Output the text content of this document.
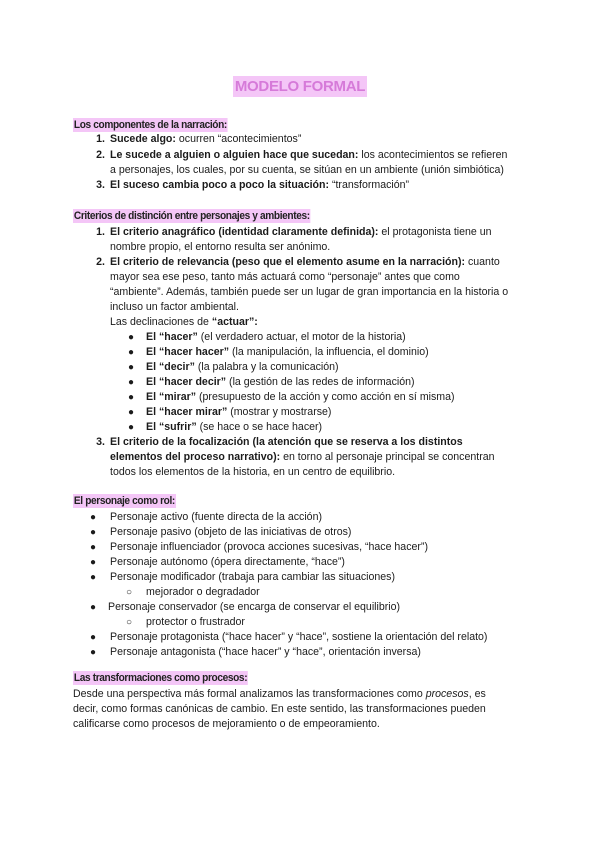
MODELO FORMAL
Los componentes de la narración:
1. Sucede algo: ocurren “acontecimientos”
2. Le sucede a alguien o alguien hace que sucedan: los acontecimientos se refieren
a personajes, los cuales, por su cuenta, se sitúan en un ambiente (unión simbiótica)
3. El suceso cambia poco a poco la situación: “transformación”
Criterios de distinción entre personajes y ambientes:
1. El criterio anagráfico (identidad claramente definida): el protagonista tiene un
nombre propio, el entorno resulta ser anónimo.
2. El criterio de relevancia (peso que el elemento asume en la narración): cuanto
mayor sea ese peso, tanto más actuará como “personaje” antes que como
“ambiente”. Además, también puede ser un lugar de gran importancia en la historia o
incluso un factor ambiental.
Las declinaciones de “actuar”:
● El “hacer” (el verdadero actuar, el motor de la historia)
● El “hacer hacer” (la manipulación, la influencia, el dominio)
● El “decir” (la palabra y la comunicación)
● El “hacer decir” (la gestión de las redes de información)
● El “mirar” (presupuesto de la acción y como acción en sí misma)
● El “hacer mirar” (mostrar y mostrarse)
● El “sufrir” (se hace o se hace hacer)
3. El criterio de la focalización (la atención que se reserva a los distintos
elementos del proceso narrativo): en torno al personaje principal se concentran
todos los elementos de la historia, en un centro de equilibrio.
El personaje como rol:
● Personaje activo (fuente directa de la acción)
● Personaje pasivo (objeto de las iniciativas de otros)
● Personaje influenciador (provoca acciones sucesivas, “hace hacer”)
● Personaje autónomo (ópera directamente, “hace”)
● Personaje modificador (trabaja para cambiar las situaciones)
○ mejorador o degradador
● Personaje conservador (se encarga de conservar el equilibrio)
○ protector o frustrador
● Personaje protagonista (“hace hacer” y “hace”, sostiene la orientación del relato)
● Personaje antagonista (“hace hacer” y “hace”, orientación inversa)
Las transformaciones como procesos:
Desde una perspectiva más formal analizamos las transformaciones como procesos, es
decir, como formas canónicas de cambio. En este sentido, las transformaciones pueden
calificarse como procesos de mejoramiento o de empeoramiento.
